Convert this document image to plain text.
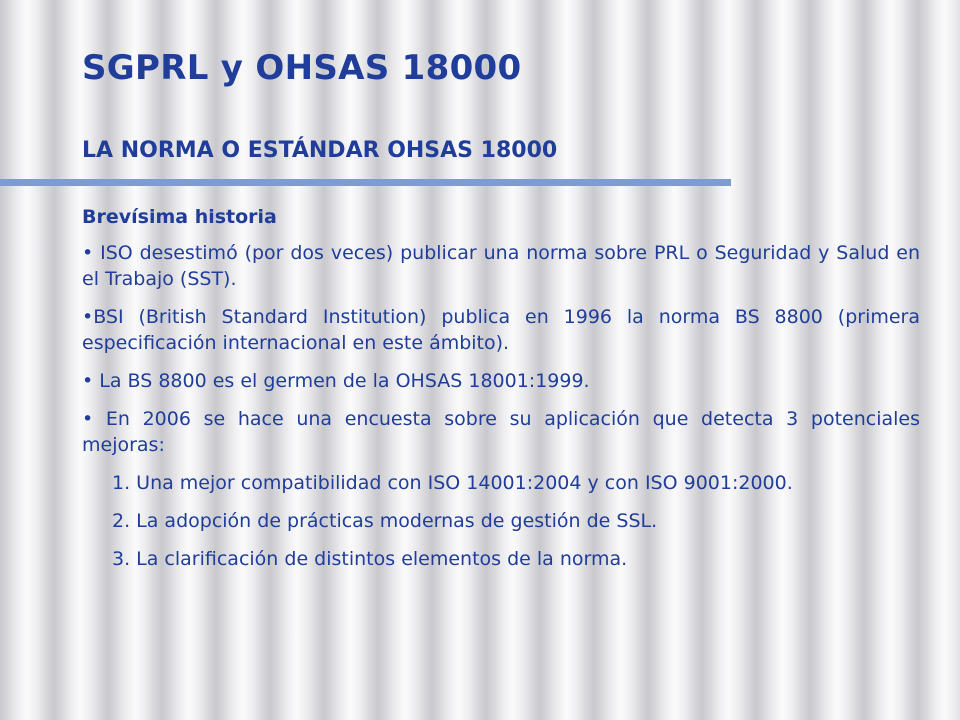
SGPRL y OHSAS 18000
LA NORMA O ESTÁNDAR OHSAS 18000

Brevísima historia

• ISO desestimó (por dos veces) publicar una norma sobre PRL o Seguridad y Salud en el Trabajo (SST).

•BSI (British Standard Institution) publica en 1996 la norma BS 8800 (primera especificación internacional en este ámbito).

• La BS 8800 es el germen de la OHSAS 18001:1999.

• En 2006 se hace una encuesta sobre su aplicación que detecta 3 potenciales mejoras:

1. Una mejor compatibilidad con ISO 14001:2004 y con ISO 9001:2000.

2. La adopción de prácticas modernas de gestión de SSL.

3. La clarificación de distintos elementos de la norma.
